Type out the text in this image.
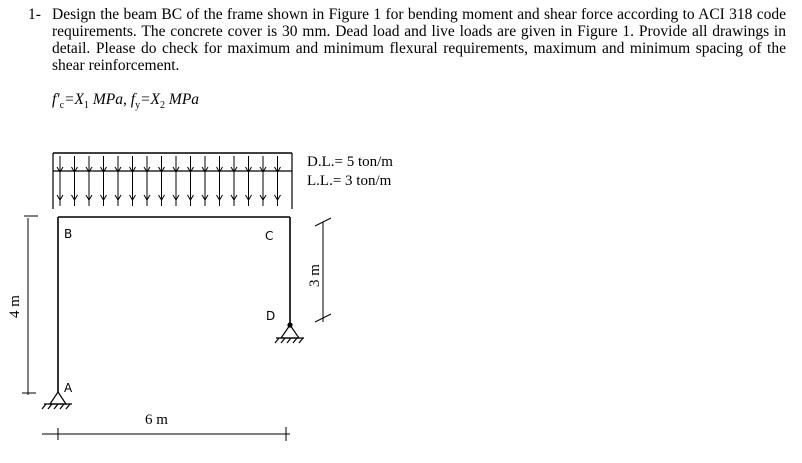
1- Design the beam BC of the frame shown in Figure 1 for bending moment and shear force according to ACI 318 code requirements. The concrete cover is 30 mm. Dead load and live loads are given in Figure 1. Provide all drawings in detail. Please do check for maximum and minimum flexural requirements, maximum and minimum spacing of the shear reinforcement.
$f'_c=X_1$ MPa, $f_y=X_2$ MPa
D.L.= 5 ton/m
L.L.= 3 ton/m
B	C
D
A
4 m
3 m
6 m
